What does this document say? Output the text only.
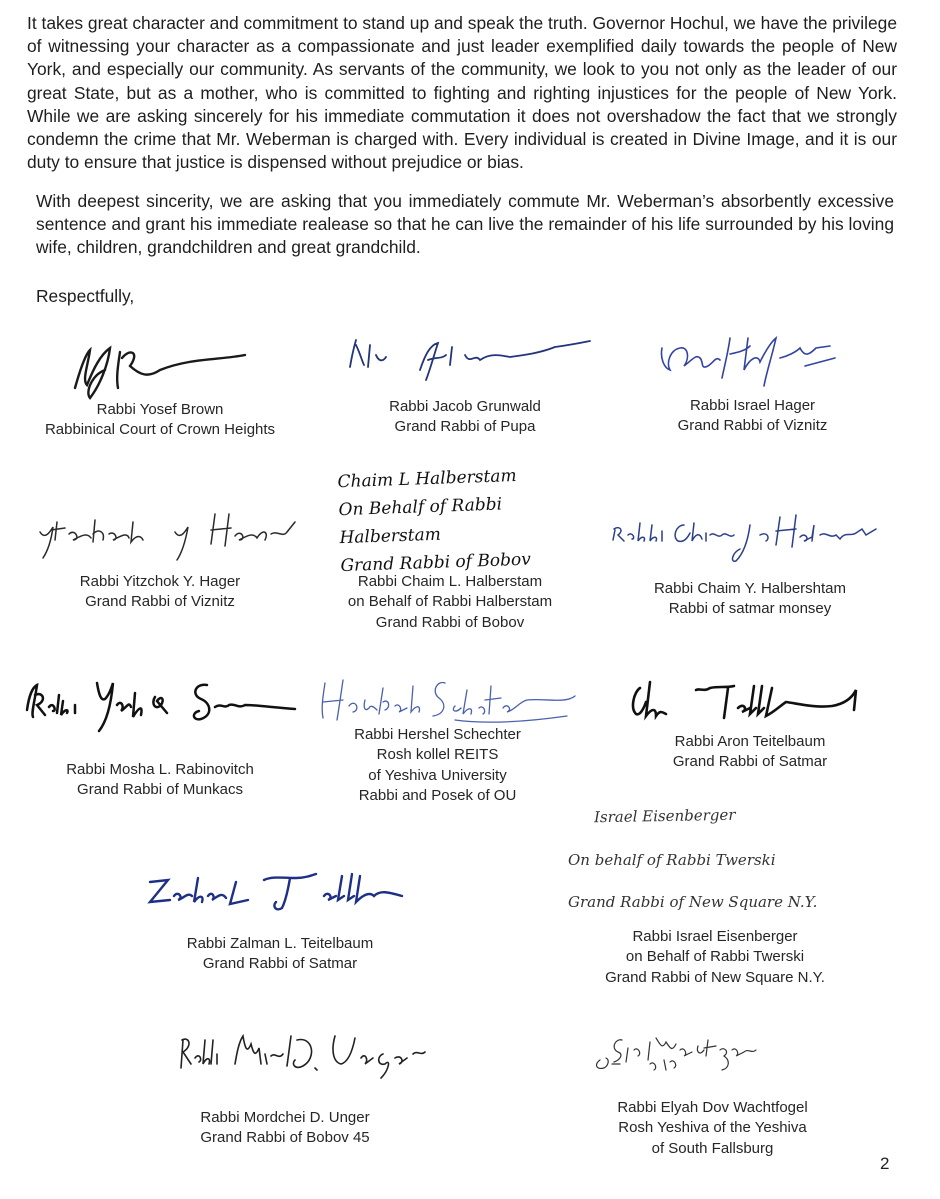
It takes great character and commitment to stand up and speak the truth. Governor Hochul, we have the privilege of witnessing your character as a compassionate and just leader exemplified daily towards the people of New York, and especially our community. As servants of the community, we look to you not only as the leader of our great State, but as a mother, who is committed to fighting and righting injustices for the people of New York. While we are asking sincerely for his immediate commutation it does not overshadow the fact that we strongly condemn the crime that Mr. Weberman is charged with. Every individual is created in Divine Image, and it is our duty to ensure that justice is dispensed without prejudice or bias.

With deepest sincerity, we are asking that you immediately commute Mr. Weberman’s absorbently excessive sentence and grant his immediate realease so that he can live the remainder of his life surrounded by his loving wife, children, grandchildren and great grandchild.

Respectfully,
Rabbi Yosef Brown
Rabbinical Court of Crown Heights
Rabbi Jacob Grunwald
Grand Rabbi of Pupa
Rabbi Israel Hager
Grand Rabbi of Viznitz
Rabbi Yitzchok Y. Hager
Grand Rabbi of Viznitz
Chaim L Halberstam
On Behalf of Rabbi Halberstam
Grand Rabbi of Bobov
Rabbi Chaim L. Halberstam
on Behalf of Rabbi Halberstam
Grand Rabbi of Bobov
Rabbi Chaim Y. Halbershtam
Rabbi of satmar monsey
Rabbi Mosha L. Rabinovitch
Grand Rabbi of Munkacs
Rabbi Hershel Schechter
Rosh kollel REITS
of Yeshiva University
Rabbi and Posek of OU
Rabbi Aron Teitelbaum
Grand Rabbi of Satmar
Rabbi Zalman L. Teitelbaum
Grand Rabbi of Satmar
Israel Eisenberger
On behalf of Rabbi Twerski
Grand Rabbi of New Square N.Y.
Rabbi Israel Eisenberger
on Behalf of Rabbi Twerski
Grand Rabbi of New Square N.Y.
Rabbi Mordchei D. Unger
Grand Rabbi of Bobov 45
Rabbi Elyah Dov Wachtfogel
Rosh Yeshiva of the Yeshiva
of South Fallsburg
2
